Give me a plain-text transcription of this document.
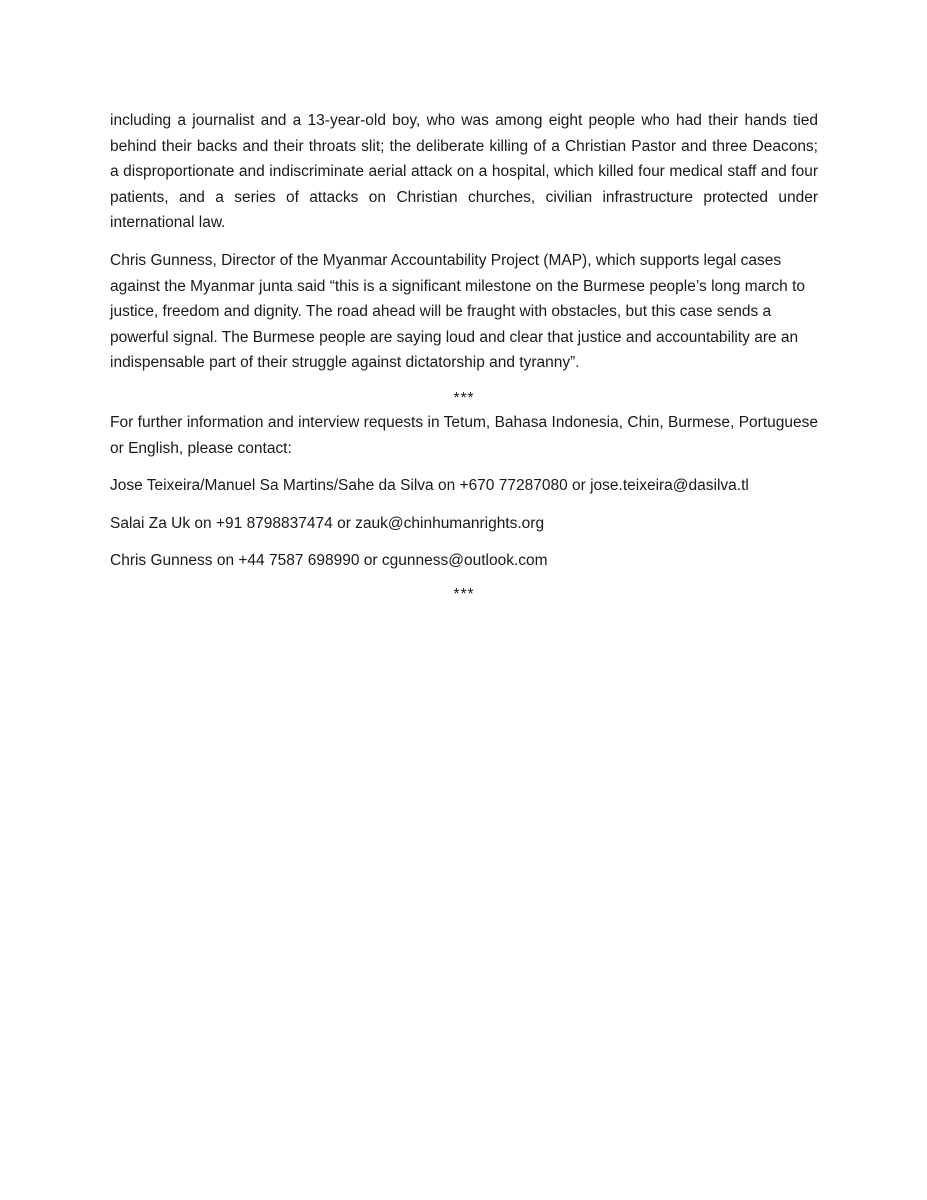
including a journalist and a 13-year-old boy, who was among eight people who had their hands tied behind their backs and their throats slit; the deliberate killing of a Christian Pastor and three Deacons; a disproportionate and indiscriminate aerial attack on a hospital, which killed four medical staff and four patients, and a series of attacks on Christian churches, civilian infrastructure protected under international law.

Chris Gunness, Director of the Myanmar Accountability Project (MAP), which supports legal cases against the Myanmar junta said “this is a significant milestone on the Burmese people’s long march to justice, freedom and dignity. The road ahead will be fraught with obstacles, but this case sends a powerful signal. The Burmese people are saying loud and clear that justice and accountability are an indispensable part of their struggle against dictatorship and tyranny”.

***

For further information and interview requests in Tetum, Bahasa Indonesia, Chin, Burmese, Portuguese or English, please contact:

Jose Teixeira/Manuel Sa Martins/Sahe da Silva on +670 77287080 or jose.teixeira@dasilva.tl

Salai Za Uk on +91 8798837474 or zauk@chinhumanrights.org

Chris Gunness on +44 7587 698990 or cgunness@outlook.com

***
